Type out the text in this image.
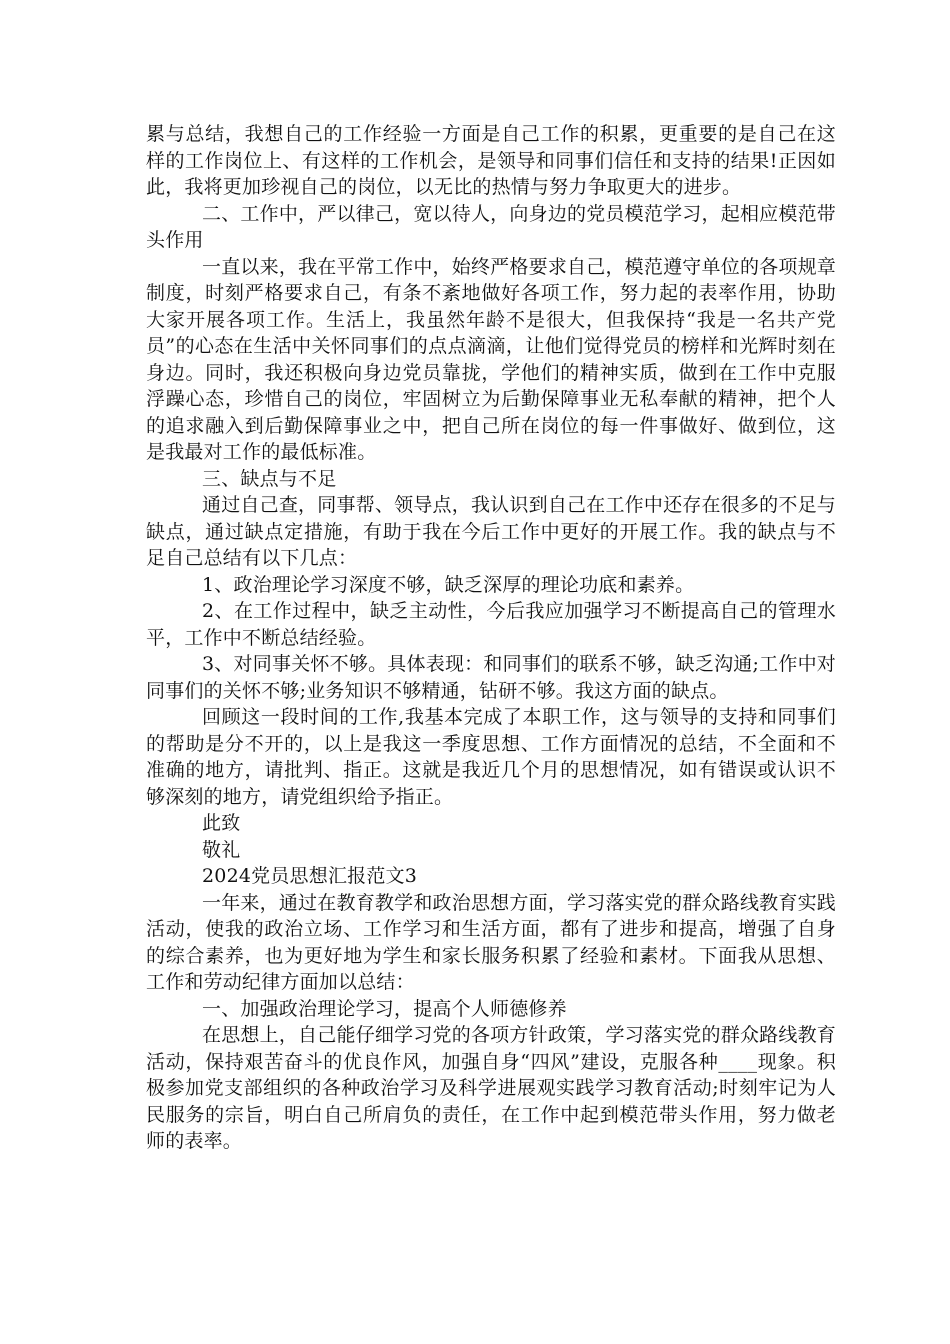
累与总结，我想自己的工作经验一方面是自己工作的积累，更重要的是自己在这样的工作岗位上、有这样的工作机会，是领导和同事们信任和支持的结果!正因如此，我将更加珍视自己的岗位，以无比的热情与努力争取更大的进步。

二、工作中，严以律己，宽以待人，向身边的党员模范学习，起相应模范带头作用

一直以来，我在平常工作中，始终严格要求自己，模范遵守单位的各项规章制度，时刻严格要求自己，有条不紊地做好各项工作，努力起的表率作用，协助大家开展各项工作。生活上，我虽然年龄不是很大，但我保持“我是一名共产党员”的心态在生活中关怀同事们的点点滴滴，让他们觉得党员的榜样和光辉时刻在身边。同时，我还积极向身边党员靠拢，学他们的精神实质，做到在工作中克服浮躁心态，珍惜自己的岗位，牢固树立为后勤保障事业无私奉献的精神，把个人的追求融入到后勤保障事业之中，把自己所在岗位的每一件事做好、做到位，这是我最对工作的最低标准。

三、缺点与不足

通过自己查，同事帮、领导点，我认识到自己在工作中还存在很多的不足与缺点，通过缺点定措施，有助于我在今后工作中更好的开展工作。我的缺点与不足自己总结有以下几点：

1、政治理论学习深度不够，缺乏深厚的理论功底和素养。

2、在工作过程中，缺乏主动性，今后我应加强学习不断提高自己的管理水平，工作中不断总结经验。

3、对同事关怀不够。具体表现：和同事们的联系不够，缺乏沟通;工作中对同事们的关怀不够;业务知识不够精通，钻研不够。我这方面的缺点。

回顾这一段时间的工作,我基本完成了本职工作，这与领导的支持和同事们的帮助是分不开的，以上是我这一季度思想、工作方面情况的总结，不全面和不准确的地方，请批判、指正。这就是我近几个月的思想情况，如有错误或认识不够深刻的地方，请党组织给予指正。

此致

敬礼

2024党员思想汇报范文3

一年来，通过在教育教学和政治思想方面，学习落实党的群众路线教育实践活动，使我的政治立场、工作学习和生活方面，都有了进步和提高，增强了自身的综合素养，也为更好地为学生和家长服务积累了经验和素材。下面我从思想、工作和劳动纪律方面加以总结：

一、加强政治理论学习，提高个人师德修养

在思想上，自己能仔细学习党的各项方针政策，学习落实党的群众路线教育活动，保持艰苦奋斗的优良作风，加强自身“四风”建设，克服各种____现象。积极参加党支部组织的各种政治学习及科学进展观实践学习教育活动;时刻牢记为人民服务的宗旨，明白自己所肩负的责任，在工作中起到模范带头作用，努力做老师的表率。
